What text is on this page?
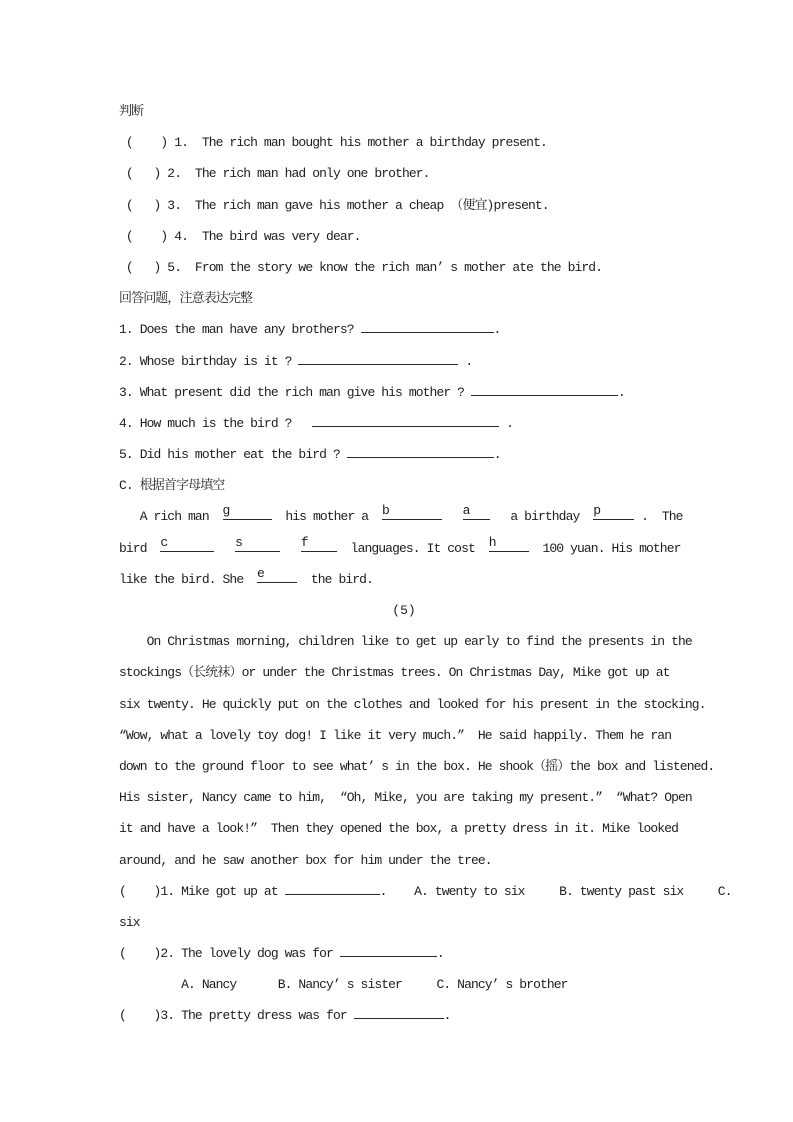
判断
(    ) 1.  The rich man bought his mother a birthday present.
(   ) 2.  The rich man had only one brother.
(   ) 3.  The rich man gave his mother a cheap （便宜)present.
(    ) 4.  The bird was very dear.
(   ) 5.  From the story we know the rich man’ s mother ate the bird.
回答问题，注意表达完整
1. Does the man have any brothers?	.
2. Whose birthday is it ?	.
3. What present did the rich man give his mother ?	.
4. How much is the bird ?	.
5. Did his mother eat the bird ?	.
C. 根据首字母填空
A rich man  g	his mother a  b	a   a birthday  p	.  The
bird  c	s	f  languages. It cost  h	100 yuan. His mother
like the bird. She  e	the bird.
(5)
On Christmas morning, children like to get up early to find the presents in the
stockings（长统袜）or under the Christmas trees. On Christmas Day, Mike got up at
six twenty. He quickly put on the clothes and looked for his present in the stocking.
“Wow, what a lovely toy dog! I like it very much.”  He said happily. Them he ran
down to the ground floor to see what’ s in the box. He shook（摇）the box and listened.
His sister, Nancy came to him,  “Oh, Mike, you are taking my present.”  “What? Open
it and have a look!”  Then they opened the box, a pretty dress in it. Mike looked
around, and he saw another box for him under the tree.
(    )1. Mike got up at	.    A. twenty to six     B. twenty past six     C.
six
(    )2. The lovely dog was for	.
A. Nancy      B. Nancy’ s sister     C. Nancy’ s brother
(    )3. The pretty dress was for	.
